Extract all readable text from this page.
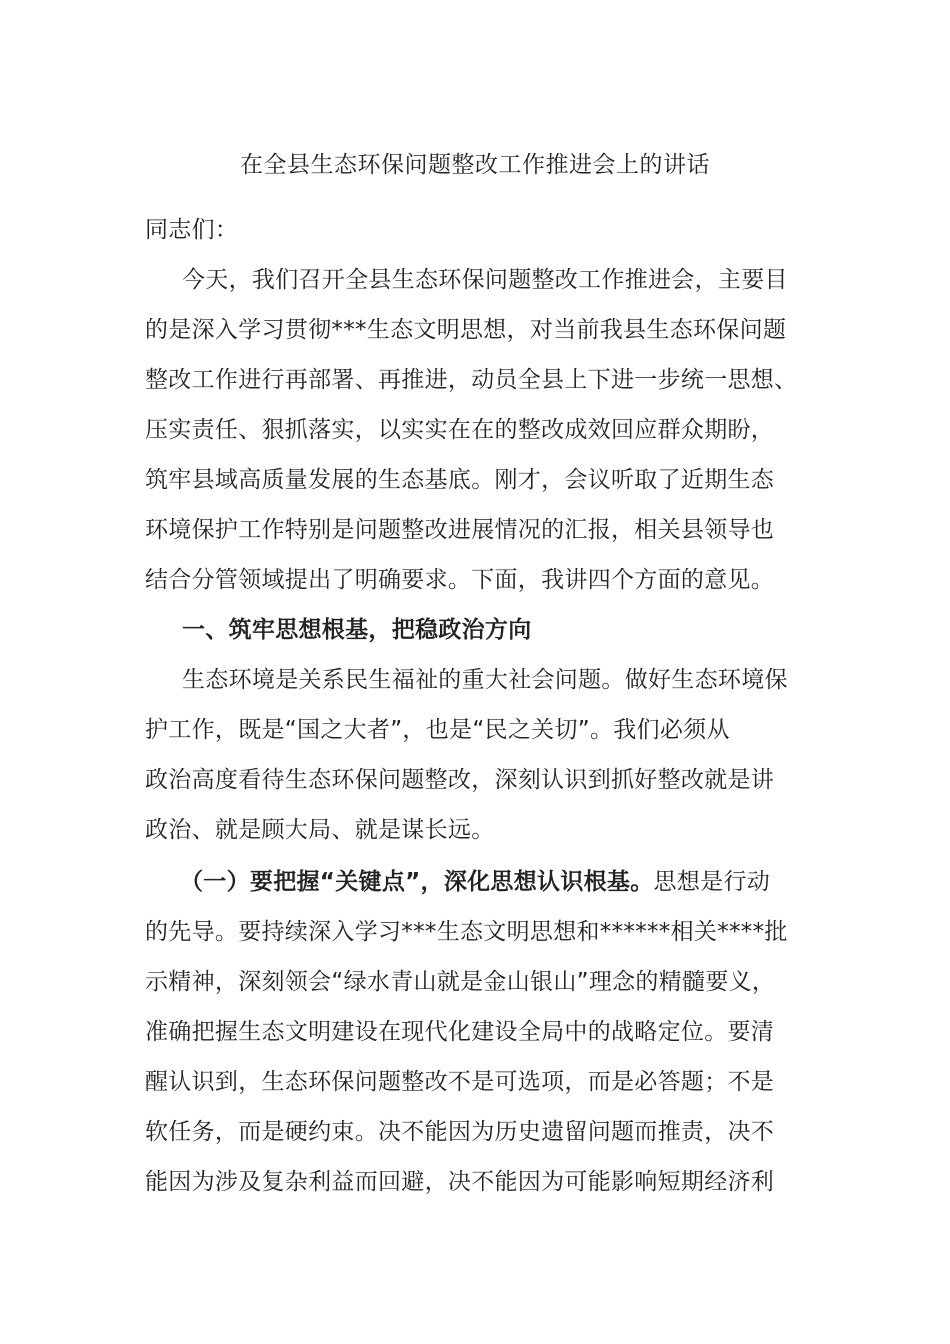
在全县生态环保问题整改工作推进会上的讲话
同志们：
今天，我们召开全县生态环保问题整改工作推进会，主要目
的是深入学习贯彻***生态文明思想，对当前我县生态环保问题
整改工作进行再部署、再推进，动员全县上下进一步统一思想、
压实责任、狠抓落实，以实实在在的整改成效回应群众期盼，
筑牢县域高质量发展的生态基底。刚才，会议听取了近期生态
环境保护工作特别是问题整改进展情况的汇报，相关县领导也
结合分管领域提出了明确要求。下面，我讲四个方面的意见。
一、筑牢思想根基，把稳政治方向
生态环境是关系民生福祉的重大社会问题。做好生态环境保
护工作，既是“国之大者”，也是“民之关切”。我们必须从
政治高度看待生态环保问题整改，深刻认识到抓好整改就是讲
政治、就是顾大局、就是谋长远。
（一）要把握“关键点”，深化思想认识根基。思想是行动
的先导。要持续深入学习***生态文明思想和******相关****批
示精神，深刻领会“绿水青山就是金山银山”理念的精髓要义，
准确把握生态文明建设在现代化建设全局中的战略定位。要清
醒认识到，生态环保问题整改不是可选项，而是必答题；不是
软任务，而是硬约束。决不能因为历史遗留问题而推责，决不
能因为涉及复杂利益而回避，决不能因为可能影响短期经济利
